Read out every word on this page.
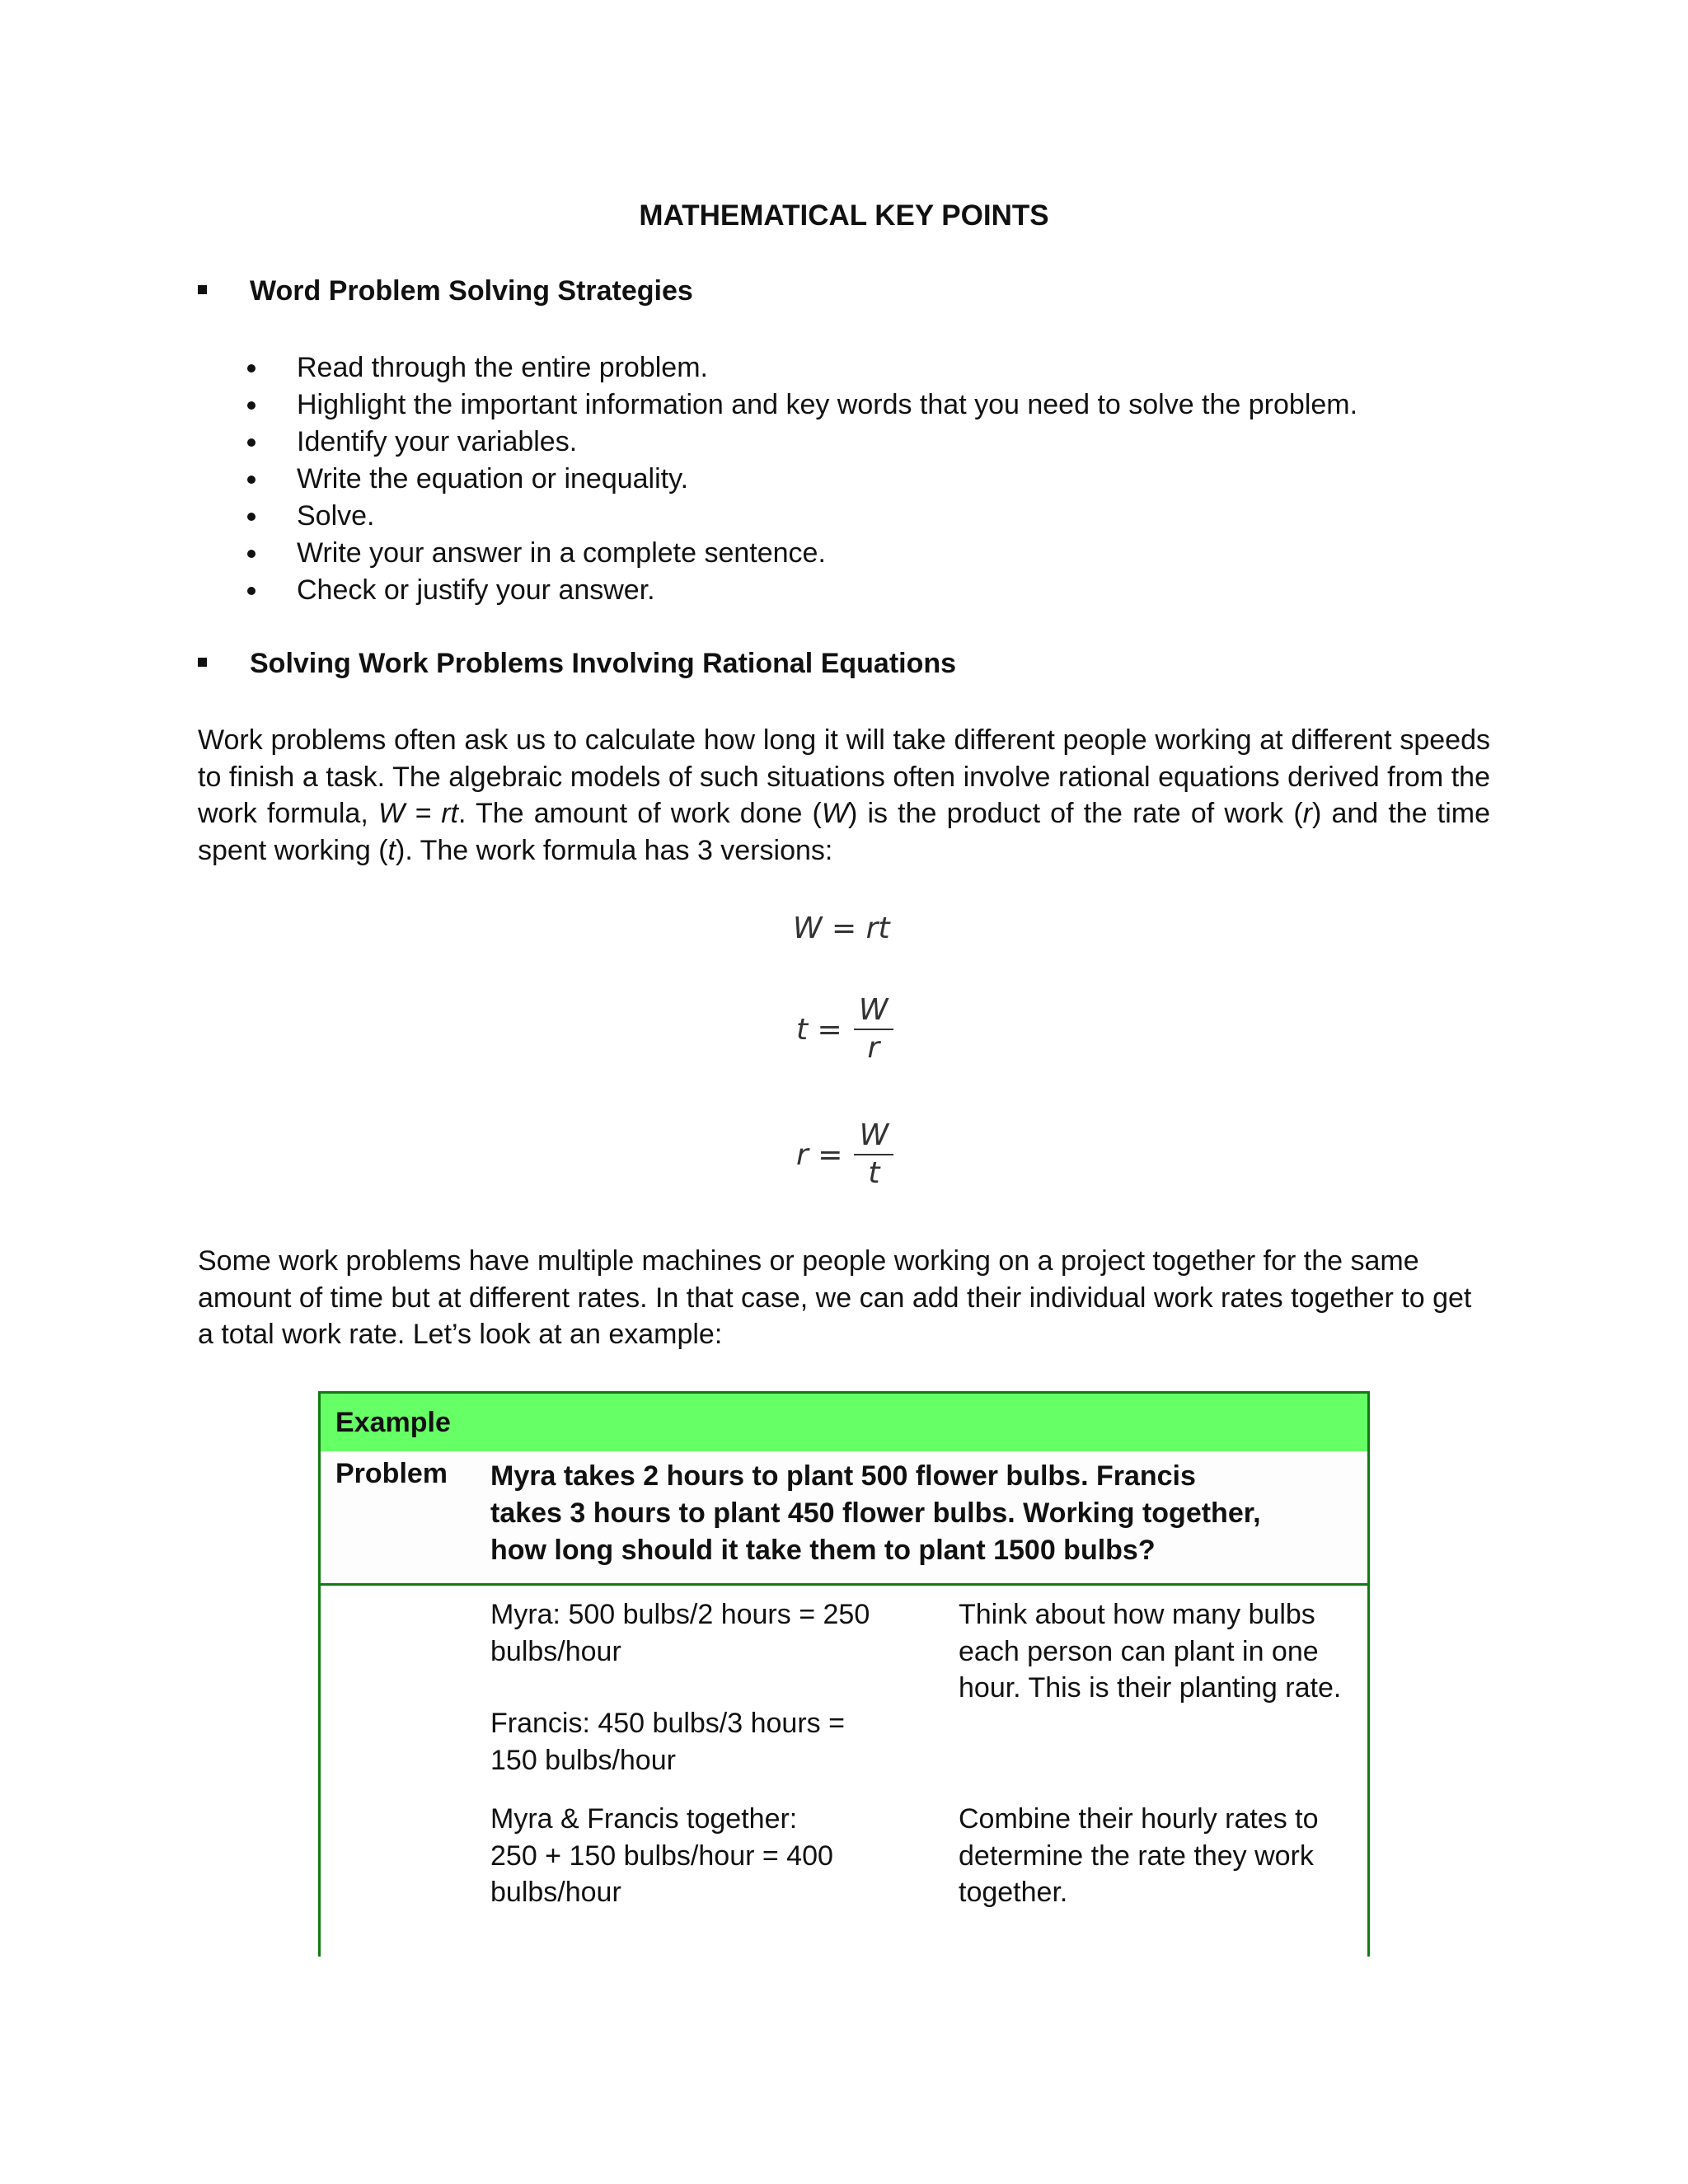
MATHEMATICAL KEY POINTS
Word Problem Solving Strategies
Read through the entire problem.
Highlight the important information and key words that you need to solve the problem.
Identify your variables.
Write the equation or inequality.
Solve.
Write your answer in a complete sentence.
Check or justify your answer.
Solving Work Problems Involving Rational Equations
Work problems often ask us to calculate how long it will take different people working at different speeds to finish a task. The algebraic models of such situations often involve rational equations derived from the work formula, W = rt. The amount of work done (W) is the product of the rate of work (r) and the time spent working (t). The work formula has 3 versions:
W = rt
$t = \frac{W}{r}$
$r = \frac{W}{t}$
Some work problems have multiple machines or people working on a project together for the same amount of time but at different rates. In that case, we can add their individual work rates together to get a total work rate. Let’s look at an example:
Example
Problem Myra takes 2 hours to plant 500 flower bulbs. Francis takes 3 hours to plant 450 flower bulbs. Working together, how long should it take them to plant 1500 bulbs?
Myra: 500 bulbs/2 hours = 250 bulbs/hour
Think about how many bulbs each person can plant in one hour. This is their planting rate.
Francis: 450 bulbs/3 hours = 150 bulbs/hour
Myra & Francis together:
250 + 150 bulbs/hour = 400 bulbs/hour
Combine their hourly rates to determine the rate they work together.
